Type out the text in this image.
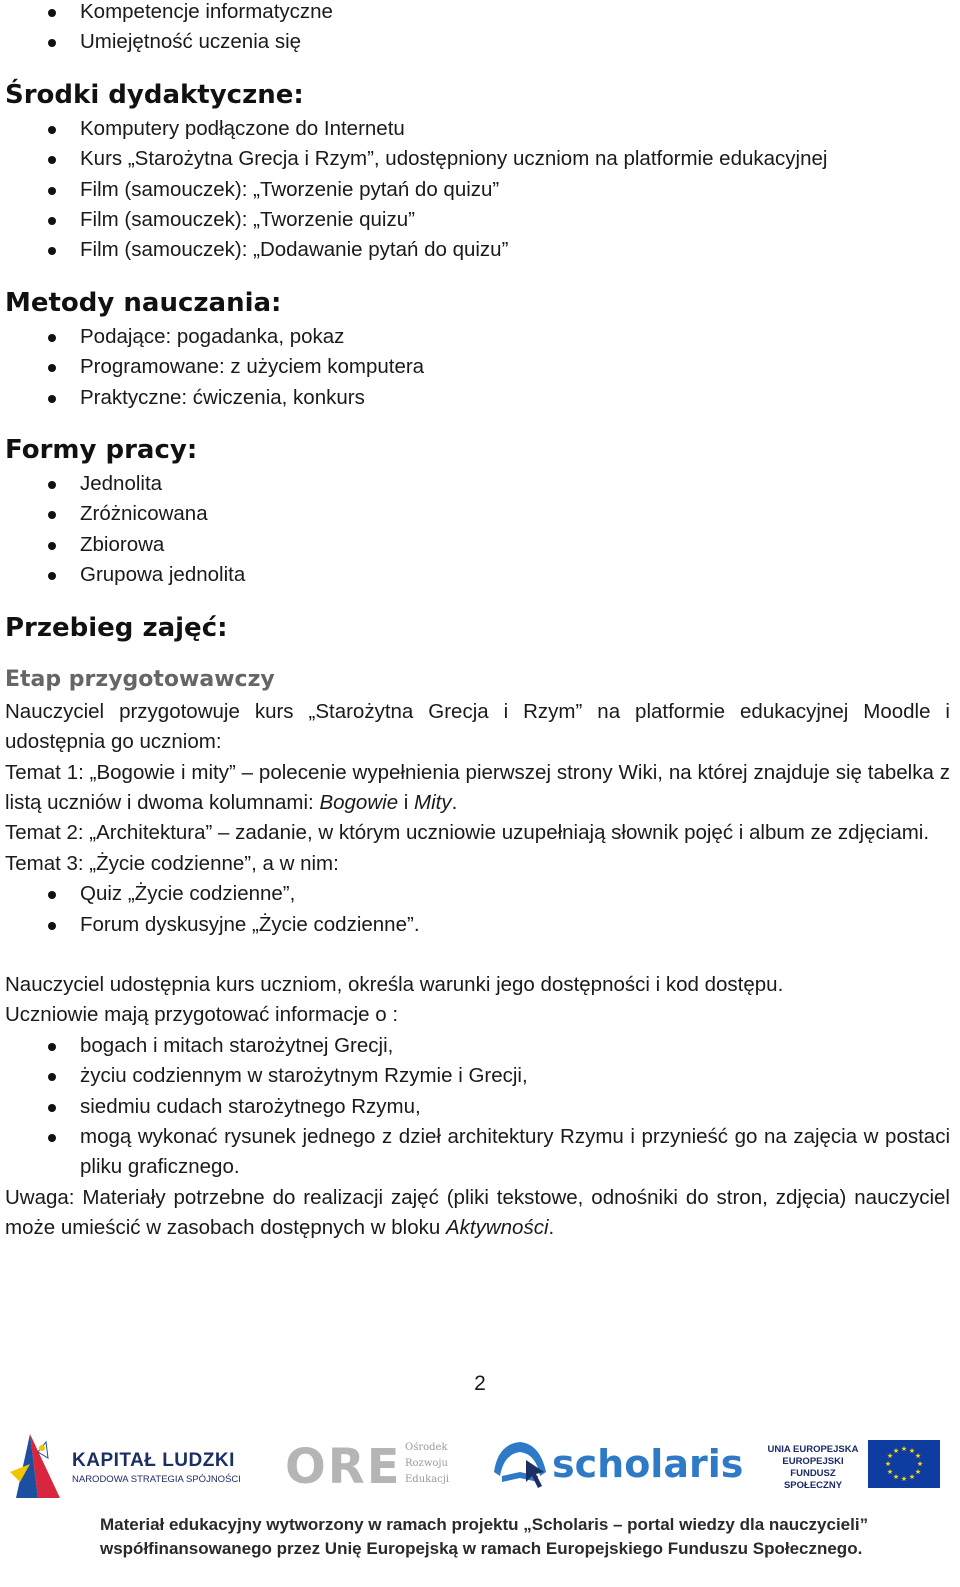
Kompetencje informatyczne
Umiejętność uczenia się
Środki dydaktyczne:
Komputery podłączone do Internetu
Kurs „Starożytna Grecja i Rzym”, udostępniony uczniom na platformie edukacyjnej
Film (samouczek): „Tworzenie pytań do quizu”
Film (samouczek): „Tworzenie quizu”
Film (samouczek): „Dodawanie pytań do quizu”
Metody nauczania:
Podające: pogadanka, pokaz
Programowane: z użyciem komputera
Praktyczne: ćwiczenia, konkurs
Formy pracy:
Jednolita
Zróżnicowana
Zbiorowa
Grupowa jednolita
Przebieg zajęć:
Etap przygotowawczy
Nauczyciel przygotowuje kurs „Starożytna Grecja i Rzym” na platformie edukacyjnej Moodle i udostępnia go uczniom:
Temat 1: „Bogowie i mity” – polecenie wypełnienia pierwszej strony Wiki, na której znajduje się tabelka z listą uczniów i dwoma kolumnami: Bogowie i Mity.
Temat 2: „Architektura” – zadanie, w którym uczniowie uzupełniają słownik pojęć i album ze zdjęciami.
Temat 3: „Życie codzienne”, a w nim:
Quiz „Życie codzienne”,
Forum dyskusyjne „Życie codzienne”.
Nauczyciel udostępnia kurs uczniom, określa warunki jego dostępności i kod dostępu.
Uczniowie mają przygotować informacje o :
bogach i mitach starożytnej Grecji,
życiu codziennym w starożytnym Rzymie i Grecji,
siedmiu cudach starożytnego Rzymu,
mogą wykonać rysunek jednego z dzieł architektury Rzymu i przynieść go na zajęcia w postaci pliku graficznego.
Uwaga: Materiały potrzebne do realizacji zajęć (pliki tekstowe, odnośniki do stron, zdjęcia) nauczyciel może umieścić w zasobach dostępnych w bloku Aktywności.
2
KAPITAŁ LUDZKI
NARODOWA STRATEGIA SPÓJNOŚCI ORE Ośrodek
Rozwoju
Edukacji	scholaris	UNIA EUROPEJSKA
EUROPEJSKI
FUNDUSZ SPOŁECZNY
★ ★
★
★
★
★
★
★
★
★
★
★
Materiał edukacyjny wytworzony w ramach projektu „Scholaris – portal wiedzy dla nauczycieli”
współfinansowanego przez Unię Europejską w ramach Europejskiego Funduszu Społecznego.
